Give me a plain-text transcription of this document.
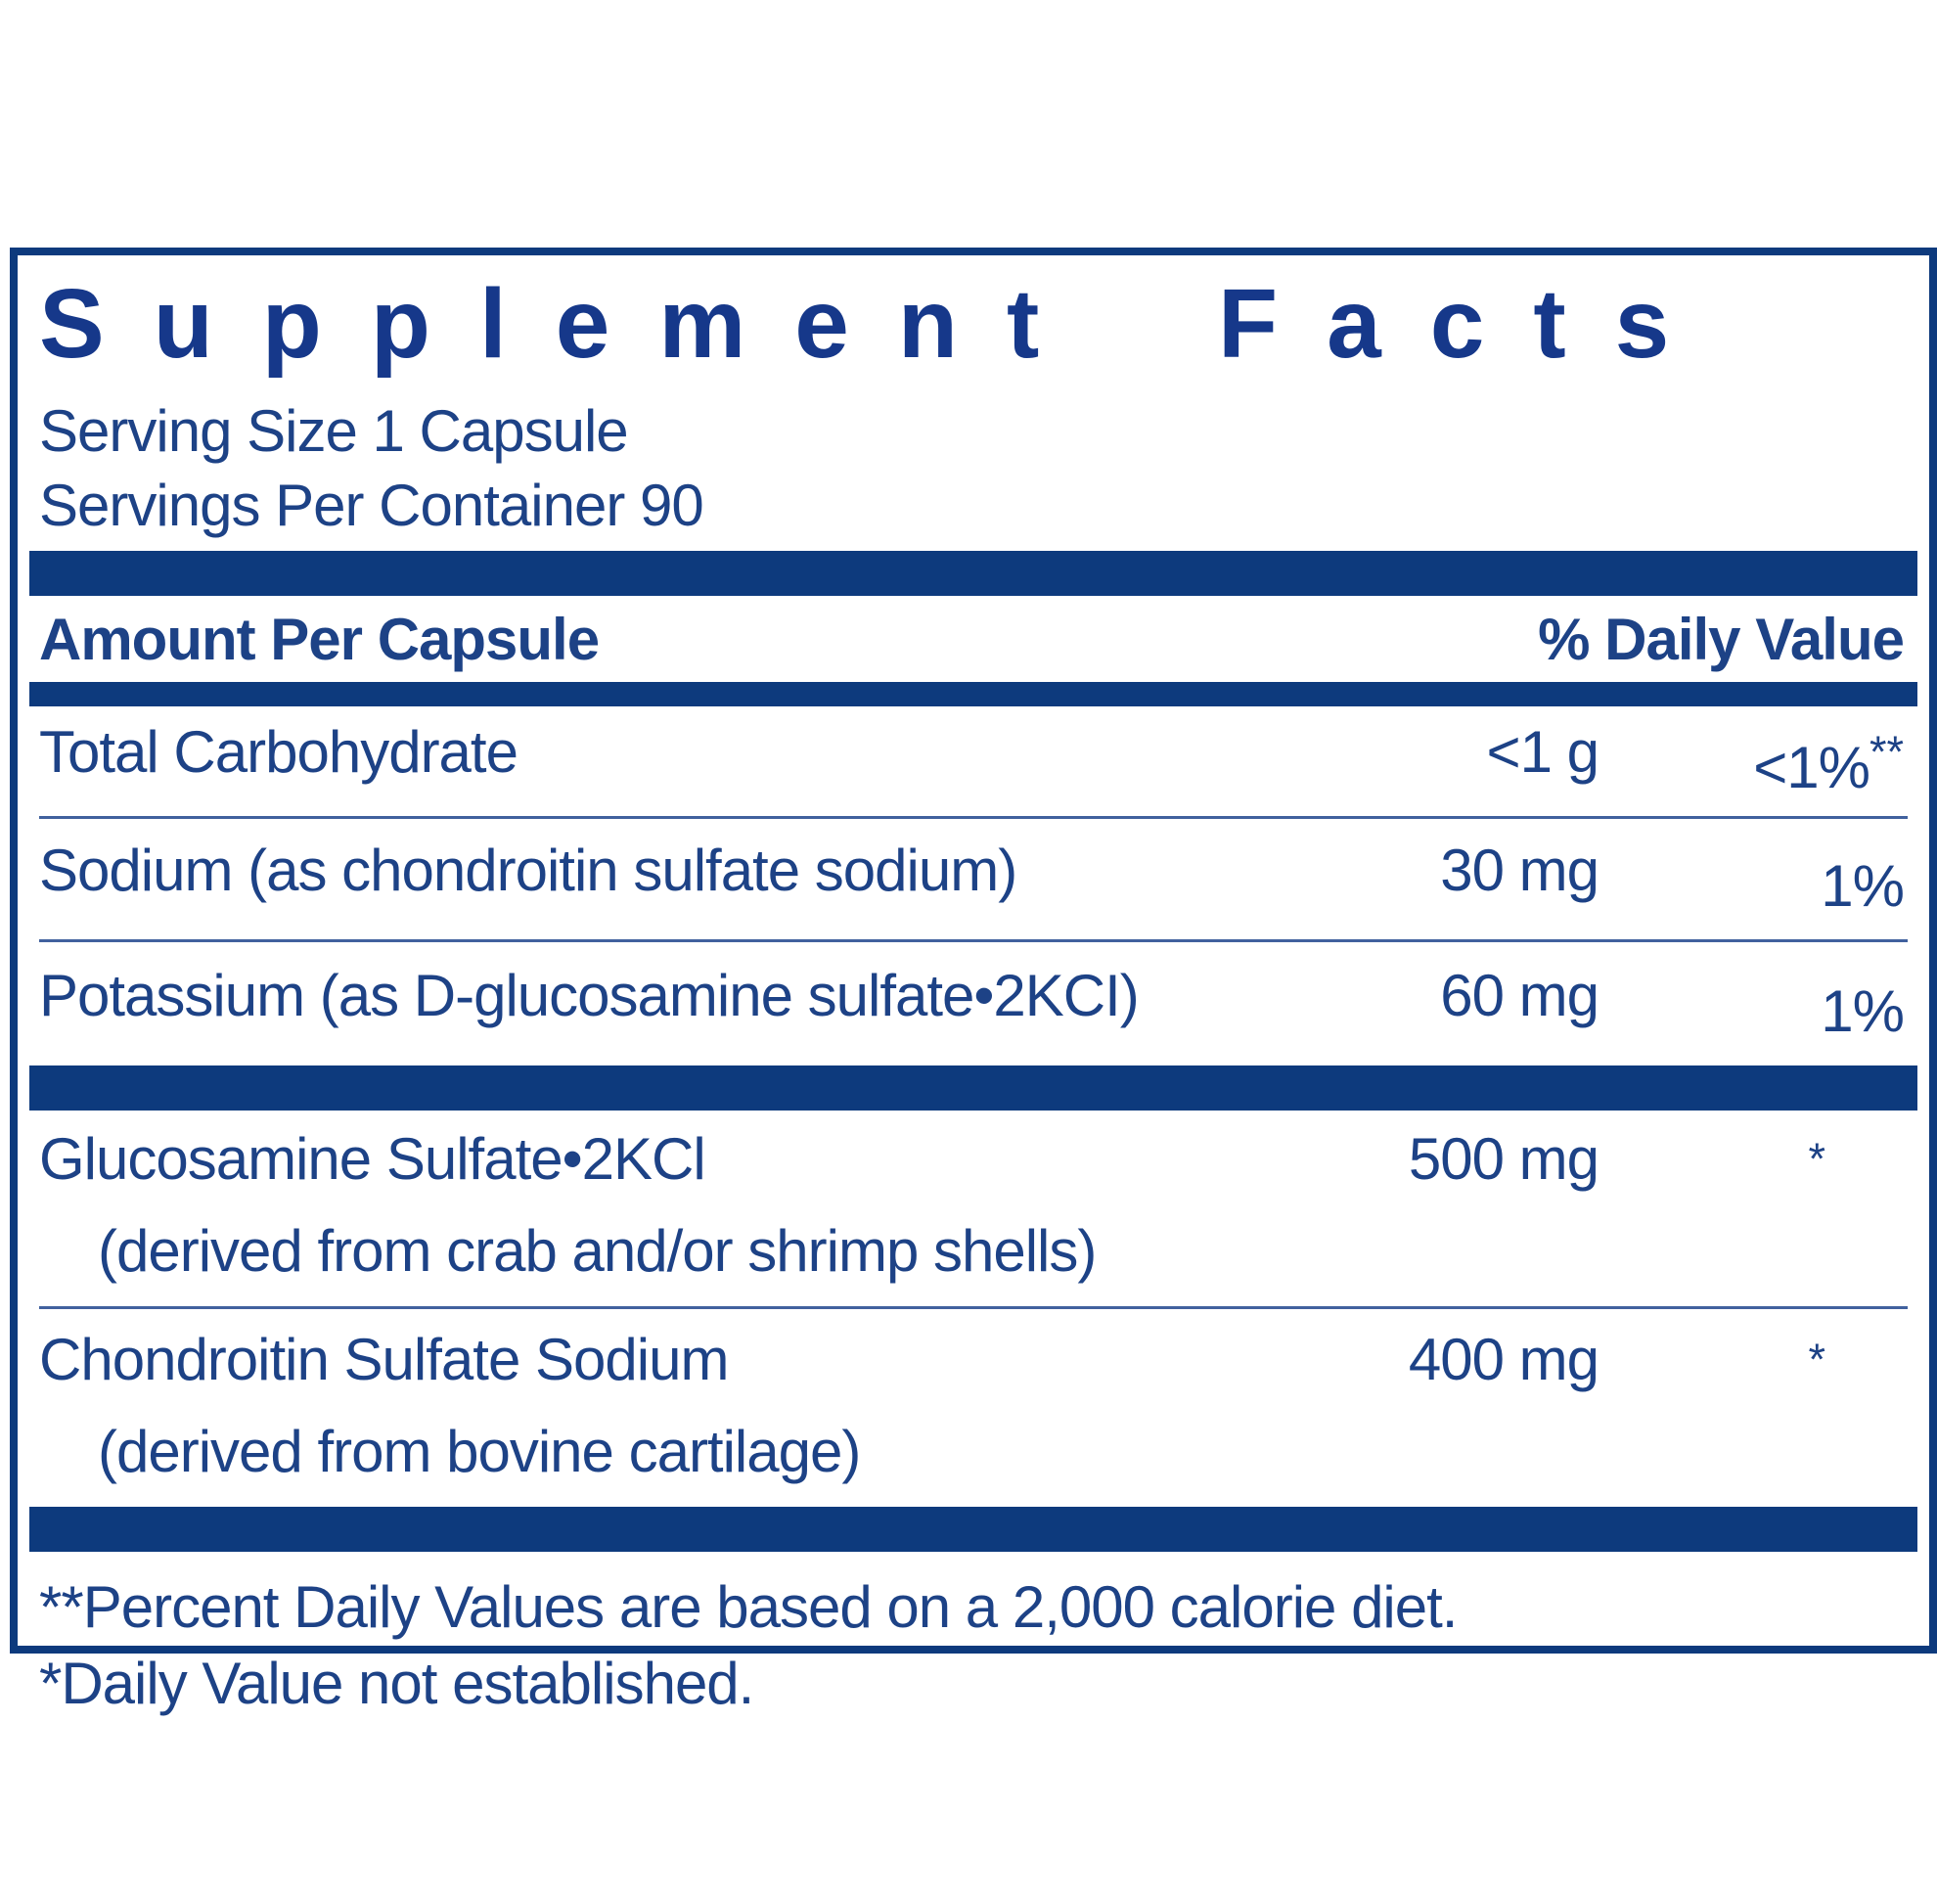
Supplement Facts
Serving Size 1 Capsule
Servings Per Container 90
Amount Per Capsule	% Daily Value
Total Carbohydrate	<1 g	<1%**
Sodium (as chondroitin sulfate sodium)	30 mg	1%
Potassium (as D-glucosamine sulfate•2KCI)	60 mg	1%
Glucosamine Sulfate•2KCl	500 mg	*
(derived from crab and/or shrimp shells)
Chondroitin Sulfate Sodium	400 mg	*
(derived from bovine cartilage)
**Percent Daily Values are based on a 2,000 calorie diet.
*Daily Value not established.
